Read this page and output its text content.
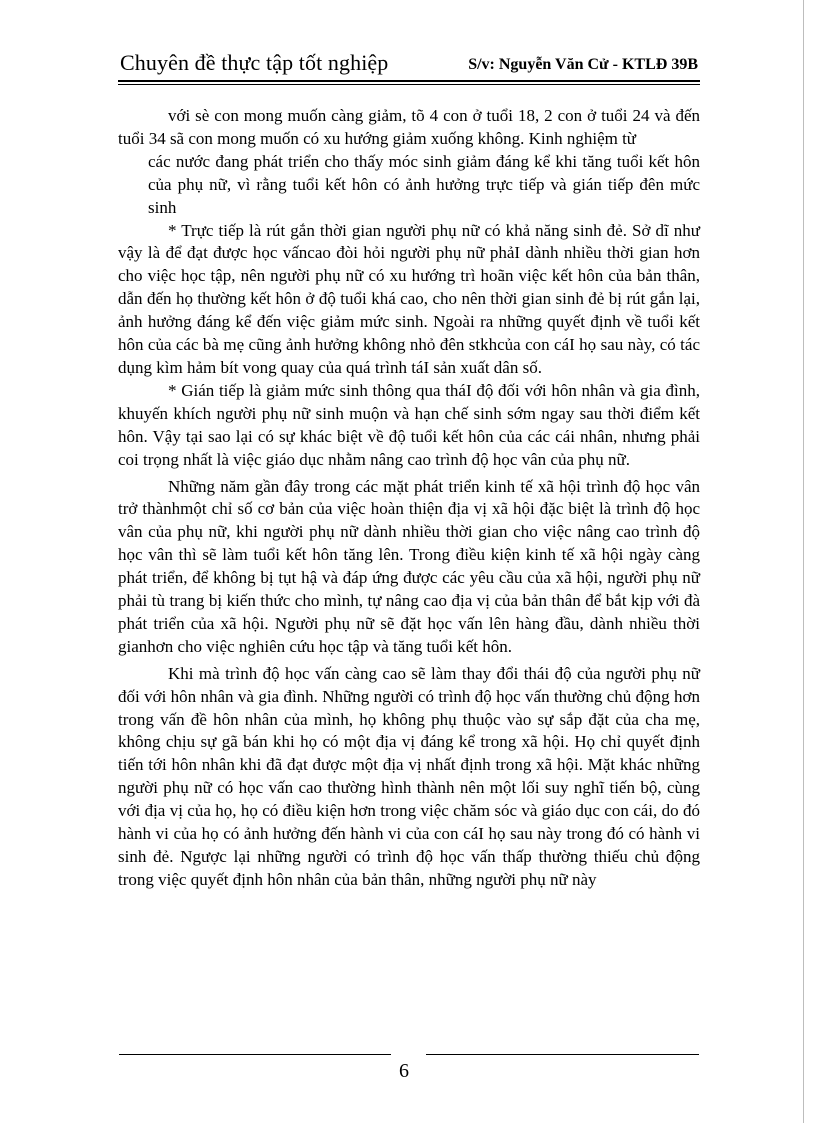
Chuyên đề thực tập tốt nghiệp	S/v: Nguyễn Văn Cử - KTLĐ 39B

với sè con mong muốn càng giảm, tõ 4 con ở tuổi 18, 2 con ở tuổi 24 và đến tuổi 34 sã con mong muốn có xu hướng giảm xuống không. Kinh nghiệm từ

các nước đang phát triển cho thấy móc sinh giảm đáng kể khi tăng tuổi kết hôn của phụ nữ, vì rằng tuổi kết hôn có ảnh hưởng trực tiếp và gián tiếp đên mức sinh

* Trực tiếp là rút gắn thời gian người phụ nữ có khả năng sinh đẻ. Sở dĩ như vậy là để đạt được học vấncao đòi hỏi người phụ nữ phảI dành nhiều thời gian hơn cho việc học tập, nên người phụ nữ có xu hướng trì hoãn việc kết hôn của bản thân, dẫn đến họ thường kết hôn ở độ tuổi khá cao, cho nên thời gian sinh đẻ bị rút gắn lại, ảnh hưởng đáng kể đến việc giảm mức sinh. Ngoài ra những quyết định về tuổi kết hôn của các bà mẹ cũng ảnh hưởng không nhỏ đên stkhcủa con cáI họ sau này, có tác dụng kìm hảm bít vong quay của quá trình táI sản xuất dân số.

* Gián tiếp là giảm mức sinh thông qua tháI độ đối với hôn nhân và gia đình, khuyến khích người phụ nữ sinh muộn và hạn chế sinh sớm ngay sau thời điểm kết hôn. Vậy tại sao lại có sự khác biệt về độ tuổi kết hôn của các cái nhân, nhưng phải coi trọng nhất là việc giáo dục nhằm nâng cao trình độ học vân của phụ nữ.

Những năm gần đây trong các mặt phát triển kinh tế xã hội trình độ học vân trở thànhmột chỉ số cơ bản của việc hoàn thiện địa vị xã hội đặc biệt là trình độ học vân của phụ nữ, khi người phụ nữ dành nhiều thời gian cho việc nâng cao trình độ học vân thì sẽ làm tuổi kết hôn tăng lên. Trong điều kiện kinh tế xã hội ngày càng phát triển, để không bị tụt hậ và đáp ứng được các yêu cầu của xã hội, người phụ nữ phải tù trang bị kiến thức cho mình, tự nâng cao địa vị của bản thân để bắt kịp với đà phát triển của xã hội. Người phụ nữ sẽ đặt học vấn lên hàng đầu, dành nhiều thời gianhơn cho việc nghiên cứu học tập và tăng tuổi kết hôn.

Khi mà trình độ học vấn càng cao sẽ làm thay đổi thái độ của người phụ nữ đối với hôn nhân và gia đình. Những người có trình độ học vấn thường chủ động hơn trong vấn đề hôn nhân của mình, họ không phụ thuộc vào sự sắp đặt của cha mẹ, không chịu sự gã bán khi họ có một địa vị đáng kể trong xã hội. Họ chỉ quyết định tiến tới hôn nhân khi đã đạt được một địa vị nhất định trong xã hội. Mặt khác những người phụ nữ có học vấn cao thường hình thành nên một lối suy nghĩ tiến bộ, cùng với địa vị của họ, họ có điều kiện hơn trong việc chăm sóc và giáo dục con cái, do đó hành vi của họ có ảnh hưởng đến hành vi của con cáI họ sau này trong đó có hành vi sinh đẻ. Ngược lại những người có trình độ học vấn thấp thường thiếu chủ động trong việc quyết định hôn nhân của bản thân, những người phụ nữ này

6
